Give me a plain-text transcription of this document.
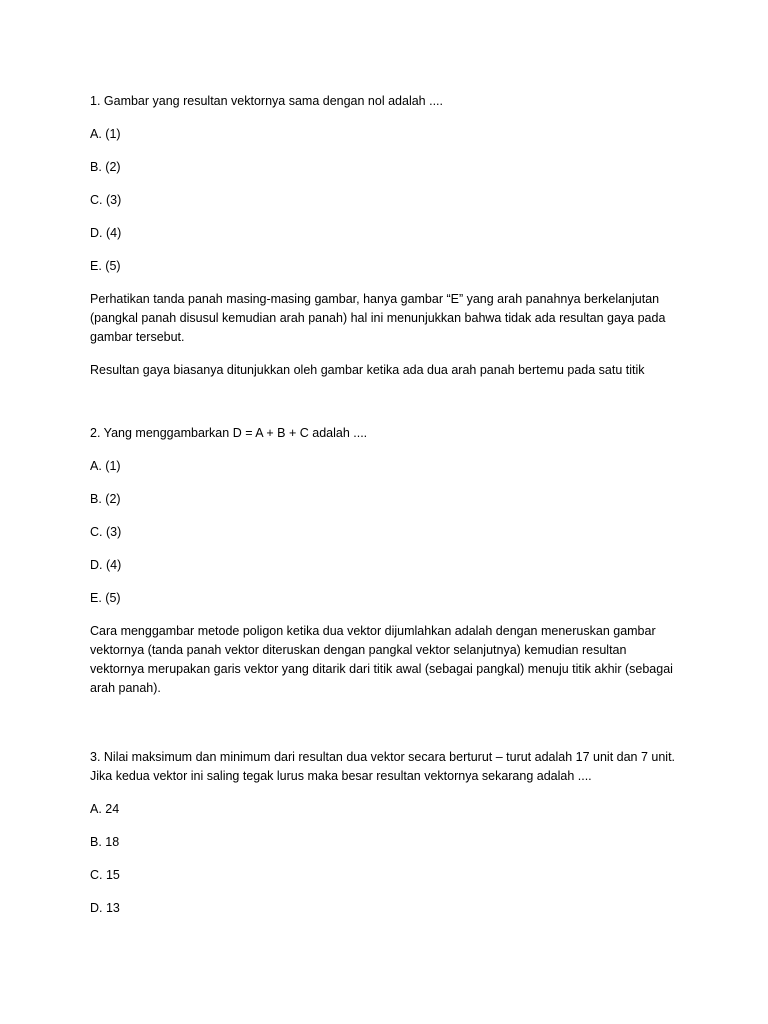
1. Gambar yang resultan vektornya sama dengan nol adalah ....
A. (1)
B. (2)
C. (3)
D. (4)
E. (5)
Perhatikan tanda panah masing-masing gambar, hanya gambar “E” yang arah panahnya berkelanjutan (pangkal panah disusul kemudian arah panah) hal ini menunjukkan bahwa tidak ada resultan gaya pada gambar tersebut.
Resultan gaya biasanya ditunjukkan oleh gambar ketika ada dua arah panah bertemu pada satu titik
2. Yang menggambarkan D = A + B + C adalah ....
A. (1)
B. (2)
C. (3)
D. (4)
E. (5)
Cara menggambar metode poligon ketika dua vektor dijumlahkan adalah dengan meneruskan gambar vektornya (tanda panah vektor diteruskan dengan pangkal vektor selanjutnya) kemudian resultan vektornya merupakan garis vektor yang ditarik dari titik awal (sebagai pangkal) menuju titik akhir (sebagai arah panah).
3. Nilai maksimum dan minimum dari resultan dua vektor secara berturut – turut adalah 17 unit dan 7 unit. Jika kedua vektor ini saling tegak lurus maka besar resultan vektornya sekarang adalah ....
A. 24
B. 18
C. 15
D. 13
